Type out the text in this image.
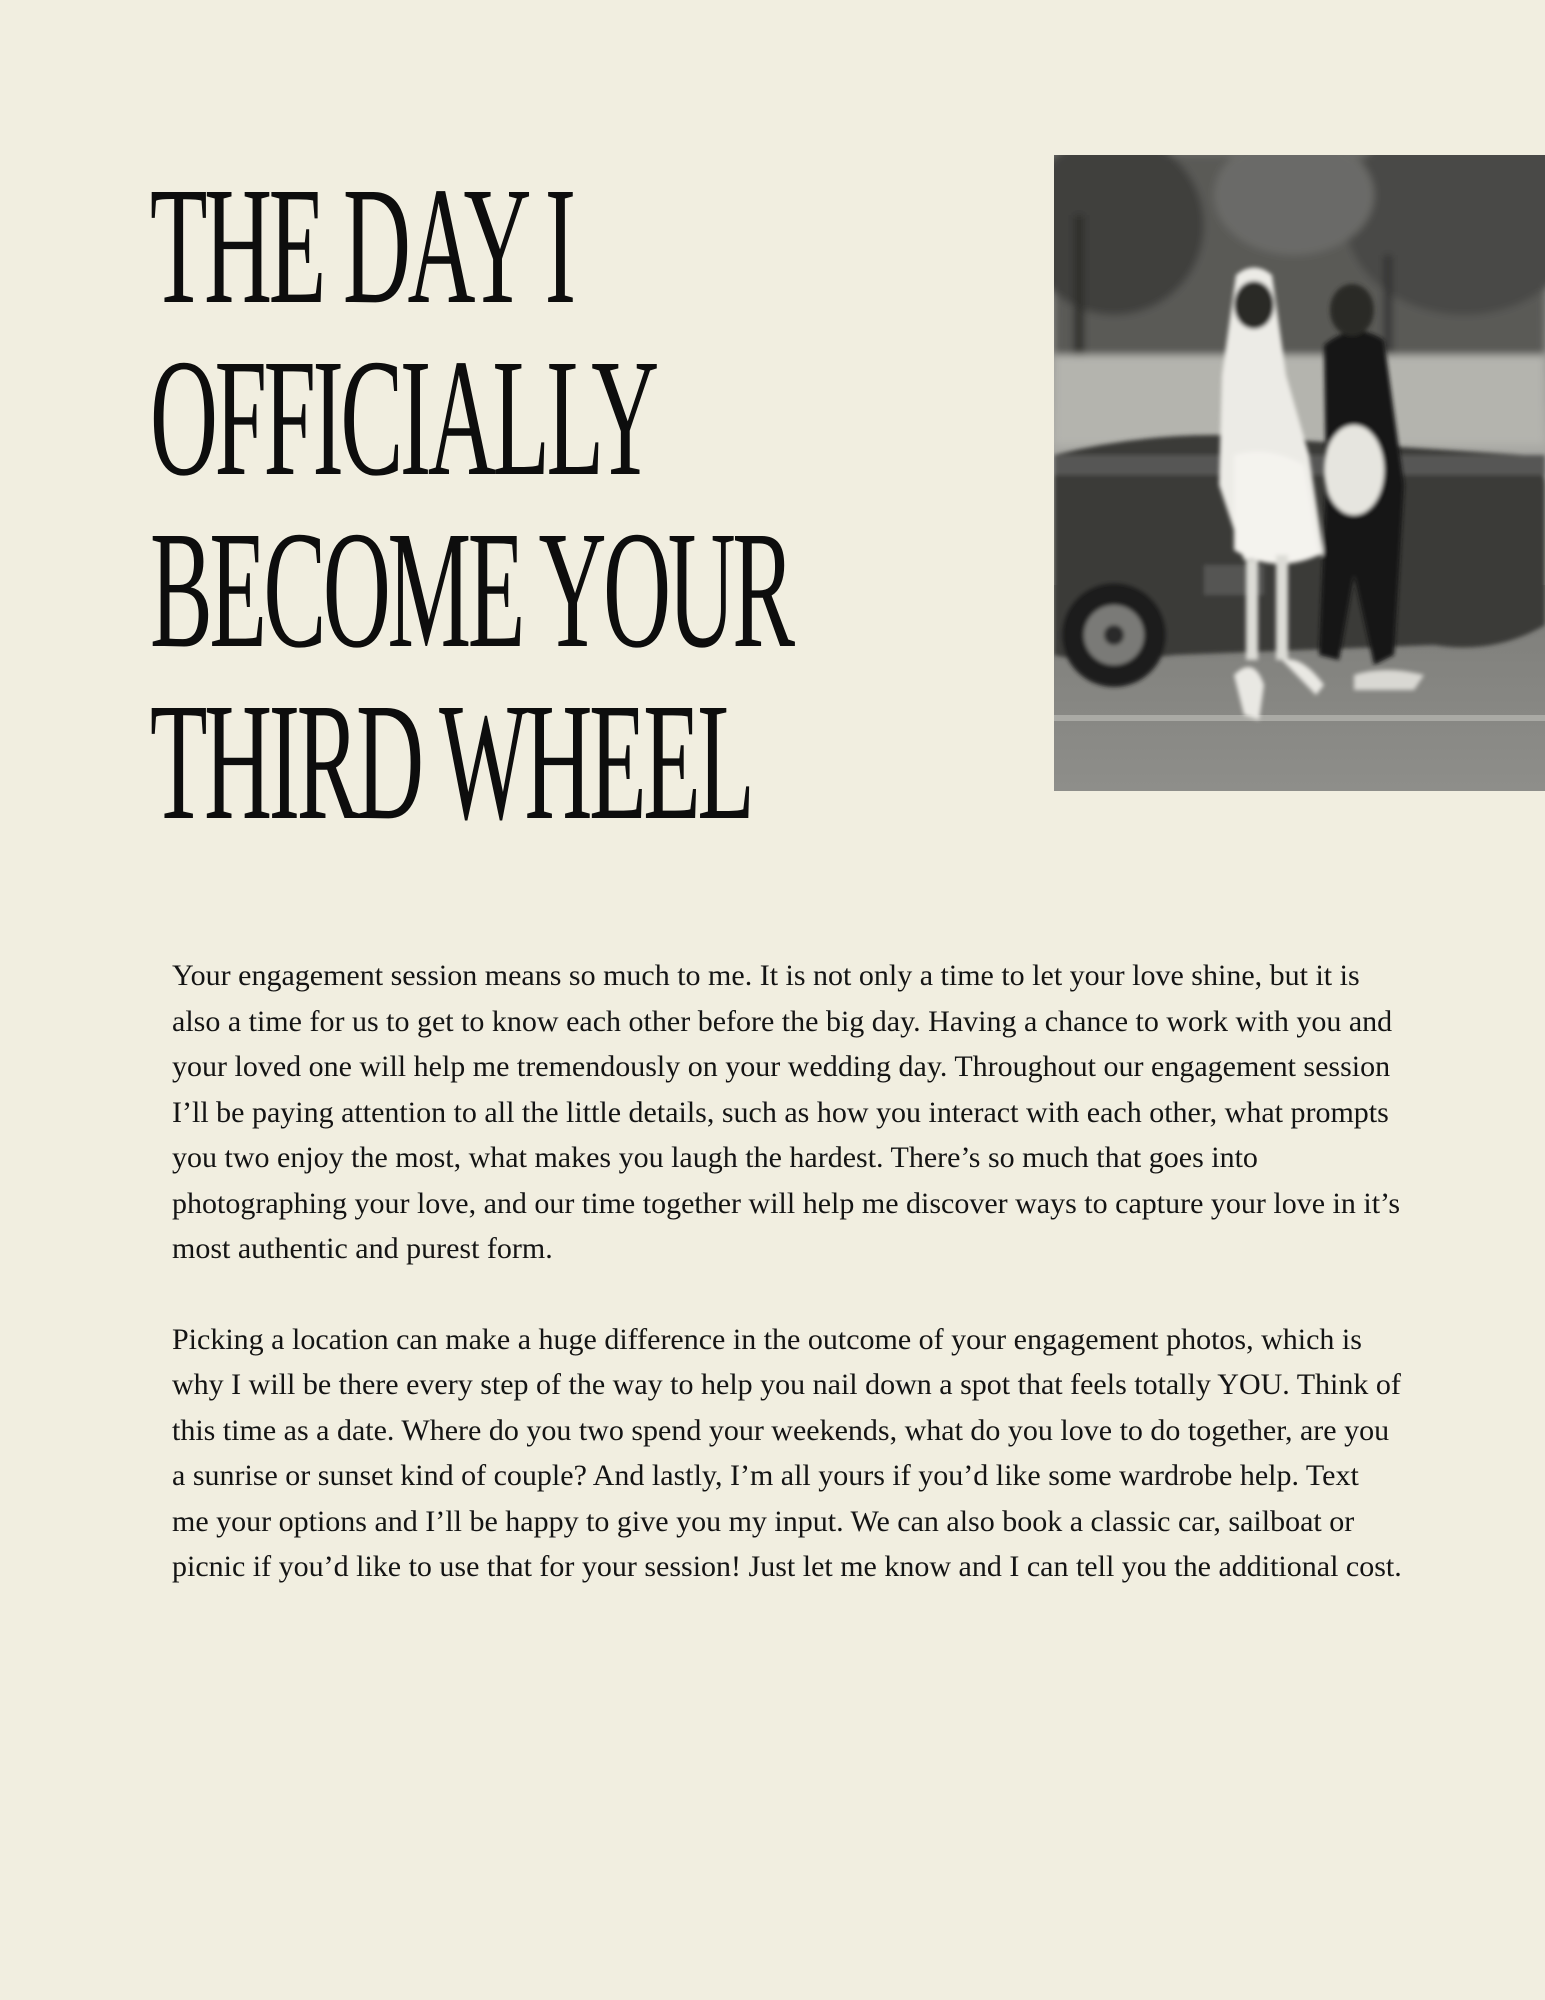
THE DAY I
OFFICIALLY
BECOME YOUR
THIRD WHEEL

Your engagement session means so much to me. It is not only a time to let your love shine, but it is also a time for us to get to know each other before the big day. Having a chance to work with you and your loved one will help me tremendously on your wedding day. Throughout our engagement session I’ll be paying attention to all the little details, such as how you interact with each other, what prompts you two enjoy the most, what makes you laugh the hardest. There’s so much that goes into photographing your love, and our time together will help me discover ways to capture your love in it’s most authentic and purest form.

Picking a location can make a huge difference in the outcome of your engagement photos, which is why I will be there every step of the way to help you nail down a spot that feels totally YOU. Think of this time as a date. Where do you two spend your weekends, what do you love to do together, are you a sunrise or sunset kind of couple? And lastly, I’m all yours if you’d like some wardrobe help. Text me your options and I’ll be happy to give you my input. We can also book a classic car, sailboat or picnic if you’d like to use that for your session! Just let me know and I can tell you the additional cost.
